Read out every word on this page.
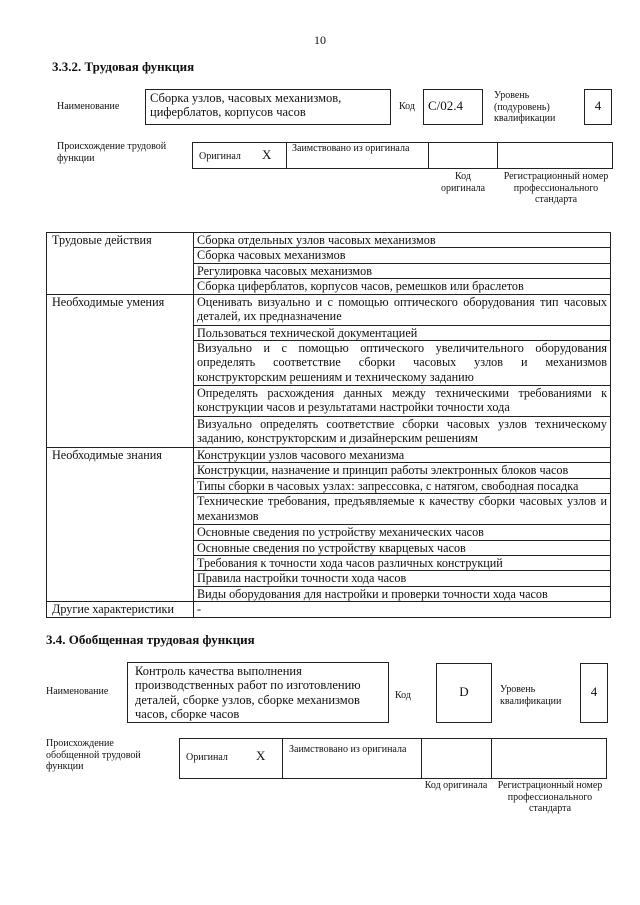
10
3.3.2. Трудовая функция
Наименование
Сборка узлов, часовых механизмов, циферблатов, корпусов часов	Код C/02.4
Уровень (подуровень) квалификации
4
Происхождение трудовой функции	Оригинал X Заимствовано из оригинала
Код оригинала
Регистрационный номер профессионального стандарта
Трудовые действия	Сборка отдельных узлов часовых механизмов
	Сборка часовых механизмов
	Регулировка часовых механизмов
	Сборка циферблатов, корпусов часов, ремешков или браслетов
Необходимые умения	Оценивать визуально и с помощью оптического оборудования тип часовых деталей, их предназначение
	Пользоваться технической документацией
	Визуально и с помощью оптического увеличительного оборудования определять соответствие сборки часовых узлов и механизмов конструкторским решениям и техническому заданию
	Определять расхождения данных между техническими требованиями к конструкции часов и результатами настройки точности хода
	Визуально определять соответствие сборки часовых узлов техническому заданию, конструкторским и дизайнерским решениям
Необходимые знания	Конструкции узлов часового механизма
	Конструкции, назначение и принцип работы электронных блоков часов
	Типы сборки в часовых узлах: запрессовка, с натягом, свободная посадка
	Технические требования, предъявляемые к качеству сборки часовых узлов и механизмов
	Основные сведения по устройству механических часов
	Основные сведения по устройству кварцевых часов
	Требования к точности хода часов различных конструкций
	Правила настройки точности хода часов
	Виды оборудования для настройки и проверки точности хода часов
Другие характеристики	-
3.4. Обобщенная трудовая функция
Наименование
Контроль качества выполнения производственных работ по изготовлению деталей, сборке узлов, сборке механизмов часов, сборке часов
Код	D	Уровень квалификации
4
Происхождение обобщенной трудовой функции
Оригинал X Заимствовано из оригинала
Код оригинала Регистрационный номер профессионального стандарта
